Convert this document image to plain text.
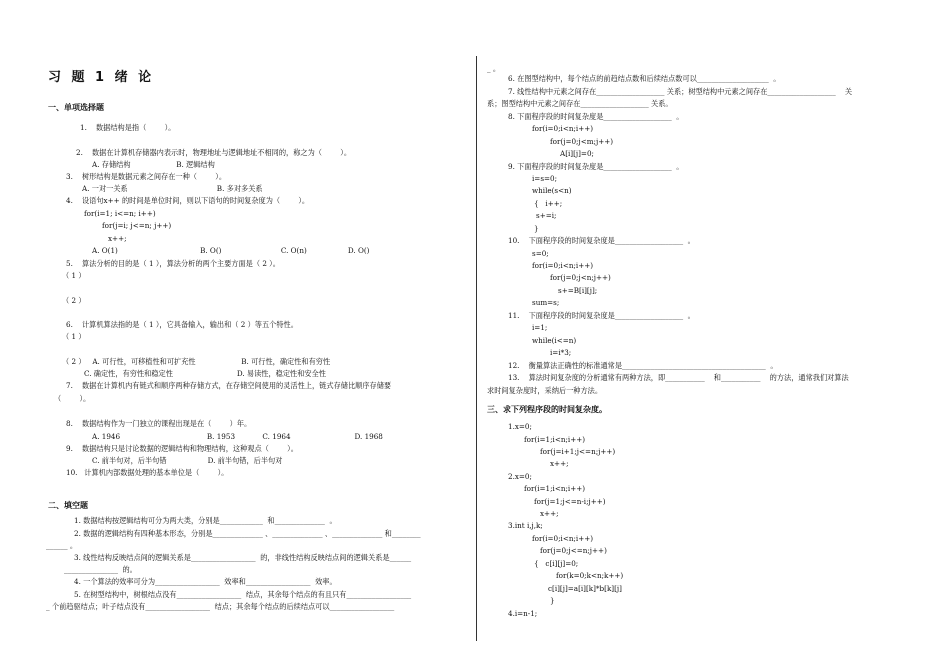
习 题 1 绪 论
一、单项选择题
二、填空题
三、求下列程序段的时间复杂度。
1.    数据结构是指（        ）。
2.    数据在计算机存储器内表示时，物理地址与逻辑地址不相同的，称之为（        ）。
A. 存储结构                    B. 逻辑结构
3.    树形结构是数据元素之间存在一种（        ）。
A. 一对一关系                                       B. 多对多关系
4.    设语句x++ 的时间是单位时间，则以下语句的时间复杂度为（        ）。
for(i=1; i<=n; i++)
for(j=i; j<=n; j++)
x++;
A. O(1)                                    B. O()                          C. O(n)                  D. O()
5.    算法分析的目的是（ 1 ），算法分析的两个主要方面是（ 2 ）。
（ 1 ）
（ 2 ）
6.    计算机算法指的是（ 1 ），它具备输入，输出和（ 2 ）等五个特性。
（ 1 ）
（ 2 ）   A. 可行性，可移植性和可扩充性                    B. 可行性，确定性和有穷性
C. 确定性，有穷性和稳定性                            D. 易读性，稳定性和安全性
7.    数据在计算机内有链式和顺序两种存储方式，在存储空间使用的灵活性上，链式存储比顺序存储要
（        ）。
8.    数据结构作为一门独立的课程出现是在（        ）年。
A. 1946                                      B. 1953            C. 1964                            D. 1968
9.    数据结构只是讨论数据的逻辑结构和物理结构，这种观点（        ）。
C. 前半句对，后半句错                  D. 前半句错，后半句对
10.   计算机内部数据处理的基本单位是（        ）。
1. 数据结构按逻辑结构可分为两大类，分别是____________  和______________  。
2. 数据的逻辑结构有四种基本形态，分别是______________ 、______________ 、______________ 和________
______ 。
3. 线性结构反映结点间的逻辑关系是__________________  的，非线性结构反映结点间的逻辑关系是______
_______________  的。
4. 一个算法的效率可分为__________________  效率和__________________  效率。
5. 在树型结构中，树根结点没有__________________  结点，其余每个结点的有且只有__________________
_ 个前趋驱结点；叶子结点没有__________________  结点；其余每个结点的后续结点可以__________________
_ 。
6. 在图型结构中，每个结点的前趋结点数和后续结点数可以____________________  。
7. 线性结构中元素之间存在___________________ 关系；树型结构中元素之间存在___________________    关
系；图型结构中元素之间存在___________________ 关系。
8. 下面程序段的时间复杂度是___________________  。
for(i=0;i<n;i++)
for(j=0;j<m;j++)
A[i][j]=0;
9. 下面程序段的时间复杂度是___________________  。
i=s=0;
while(s<n)
{   i++;
s+=i;
}
10.    下面程序段的时间复杂度是___________________  。
s=0;
for(i=0;i<n;i++)
for(j=0;j<n;j++)
s+=B[i][j];
sum=s;
11.    下面程序段的时间复杂度是___________________  。
i=1;
while(i<=n)
i=i*3;
12.    衡量算法正确性的标准通常是________________________________________  。
13.    算法时间复杂度的分析通常有两种方法，即___________    和___________    的方法，通常我们对算法
求时间复杂度时，采纳后一种方法。
1.x=0;
for(i=1;i<n;i++)
for(j=i+1;j<=n;j++)
x++;
2.x=0;
for(i=1;i<n;i++)
for(j=1;j<=n-i;j++)
x++;
3.int i,j,k;
for(i=0;i<n;i++)
for(j=0;j<=n;j++)
{   c[i][j]=0;
for(k=0;k<n;k++)
c[i][j]=a[i][k]*b[k][j]
}
4.i=n-1;
